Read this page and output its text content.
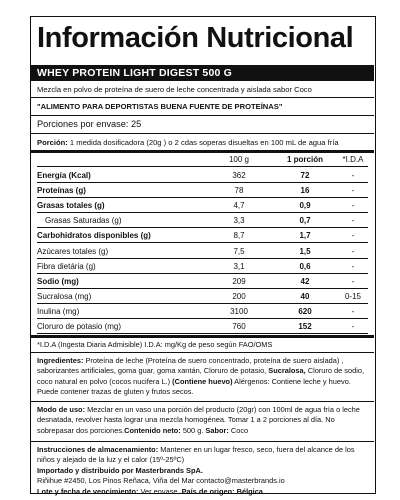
Información Nutricional
WHEY PROTEIN LIGHT DIGEST 500 G
Mezcla en polvo de proteína de suero de leche concentrada y aislada sabor Coco
"ALIMENTO PARA DEPORTISTAS BUENA FUENTE DE PROTEÍNAS"
Porciones por envase: 25
Porción: 1 medida dosificadora (20g ) o 2 cdas soperas disueltas en 100 mL de agua fría
100 g	1 porción	*I.D.A
Energía (Kcal)	362	72	-
Proteínas (g)	78	16	-
Grasas totales (g)	4,7	0,9	-
Grasas Saturadas (g)	3,3	0,7	-
Carbohidratos disponibles (g)	8,7	1,7	-
Azúcares totales (g)	7,5	1,5	-
Fibra dietária (g)	3,1	0,6	-
Sodio (mg)	209	42	-
Sucralosa (mg)	200	40	0-15
Inulina (mg)	3100	620	-
Cloruro de potasio (mg)	760	152	-
*I.D.A (Ingesta Diaria Admisible) I.D.A: mg/Kg de peso según FAO/OMS
Ingredientes: Proteína de leche (Proteína de suero concentrado, proteína de suero aislada) , saborizantes artificiales, goma guar, goma xantán, Cloruro de potasio, Sucralosa, Cloruro de sodio, coco natural en polvo (cocos nucifera L.) (Contiene huevo) Alérgenos: Contiene leche y huevo. Puede contener trazas de gluten y frutos secos.
Modo de uso: Mezclar en un vaso una porción del producto (20gr) con 100ml de agua fría o leche desnatada, revolver hasta lograr una mezcla homogénea. Tomar 1 a 2 porciones al día. No sobrepasar dos porciones.Contenido neto: 500 g. Sabor: Coco
Instrucciones de almacenamiento: Mantener en un lugar fresco, seco, fuera del alcance de los niños y alejado de la luz y el calor (15º-25ºC)
Importado y distribuido por Masterbrands SpA.
Riñihue #2450, Los Pinos Reñaca, Viña del Mar contacto@masterbrands.io
Lote y fecha de vencimiento: Ver envase. País de origen: Bélgica.
